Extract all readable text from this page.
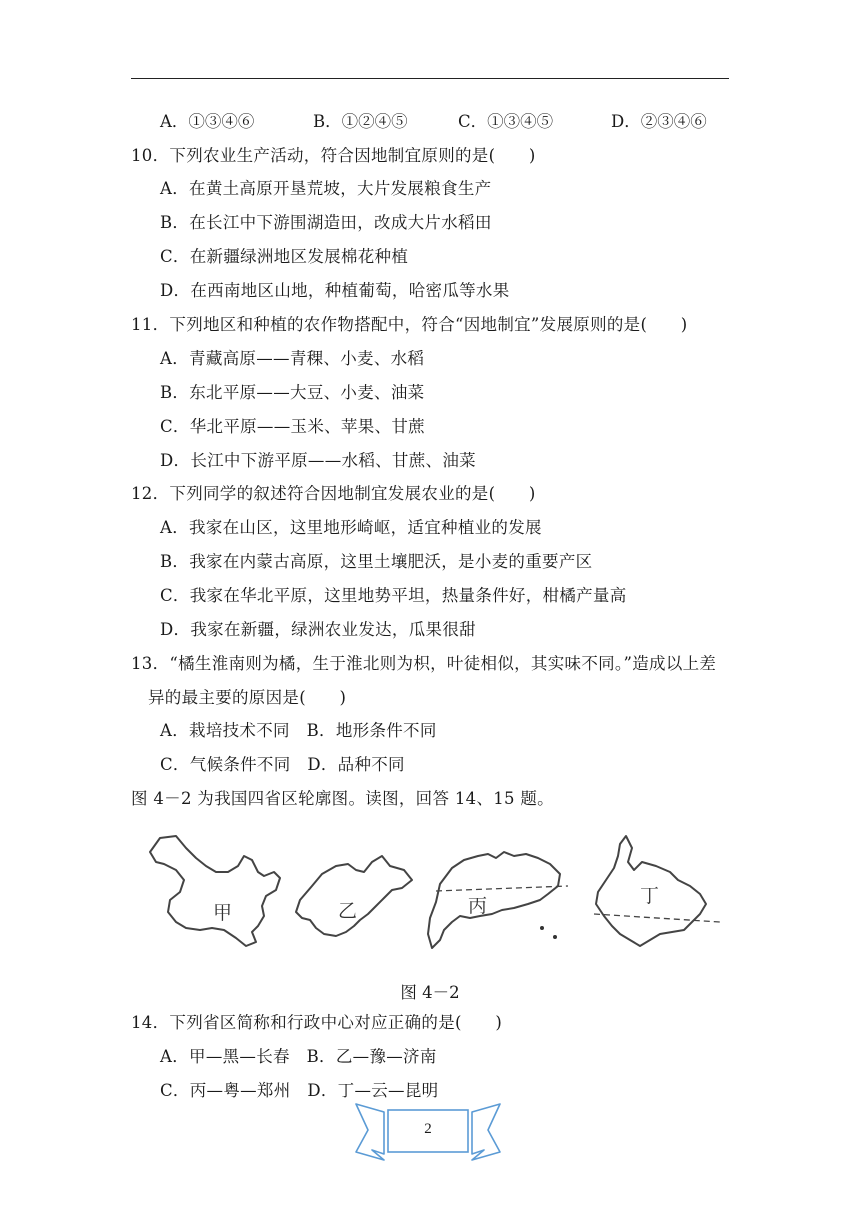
A．①③④⑥	B．①②④⑤	C．①③④⑤	D．②③④⑥
10．下列农业生产活动，符合因地制宜原则的是(　　)
A．在黄土高原开垦荒坡，大片发展粮食生产
B．在长江中下游围湖造田，改成大片水稻田
C．在新疆绿洲地区发展棉花种植
D．在西南地区山地，种植葡萄，哈密瓜等水果
11．下列地区和种植的农作物搭配中，符合“因地制宜”发展原则的是(　　)
A．青藏高原——青稞、小麦、水稻
B．东北平原——大豆、小麦、油菜
C．华北平原——玉米、苹果、甘蔗
D．长江中下游平原——水稻、甘蔗、油菜
12．下列同学的叙述符合因地制宜发展农业的是(　　)
A．我家在山区，这里地形崎岖，适宜种植业的发展
B．我家在内蒙古高原，这里土壤肥沃，是小麦的重要产区
C．我家在华北平原，这里地势平坦，热量条件好，柑橘产量高
D．我家在新疆，绿洲农业发达，瓜果很甜
13．“橘生淮南则为橘，生于淮北则为枳，叶徒相似，其实味不同。”造成以上差
异的最主要的原因是(　　)
A．栽培技术不同　B．地形条件不同
C．气候条件不同　D．品种不同
图 4－2 为我国四省区轮廓图。读图，回答 14、15 题。
甲	乙	丙	丁
图 4－2
14．下列省区简称和行政中心对应正确的是(　　)
A．甲—黑—长春　B．乙—豫—济南
C．丙—粤—郑州　D．丁—云—昆明
2
